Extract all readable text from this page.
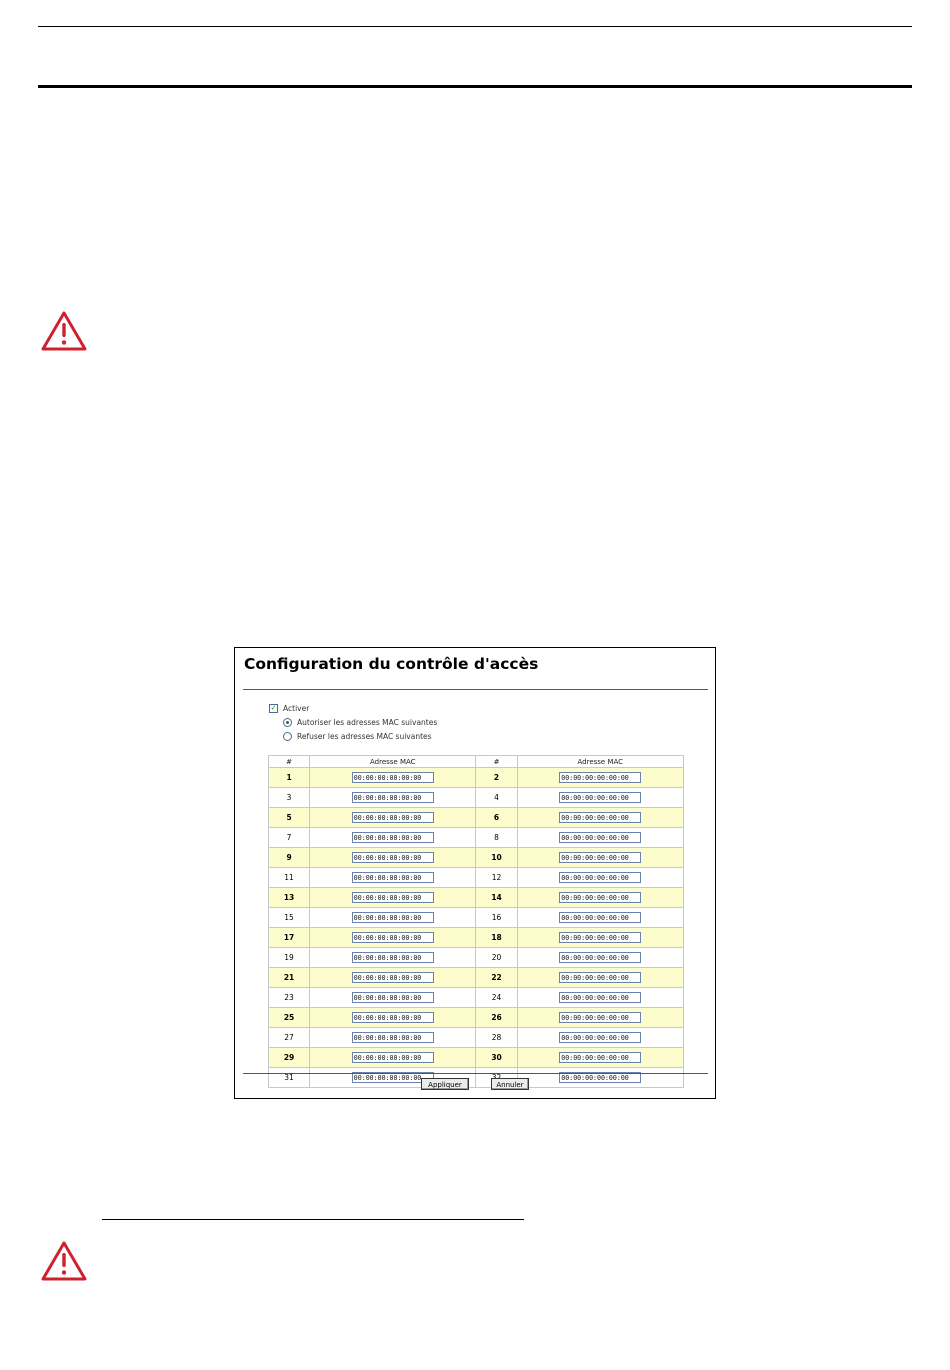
Configuration du contrôle d'accès
✓ Activer
Autoriser les adresses MAC suivantes
Refuser les adresses MAC suivantes
#	Adresse MAC	#	Adresse MAC
1	00:00:00:00:00:00	2	00:00:00:00:00:00
3	00:00:00:00:00:00	4	00:00:00:00:00:00
5	00:00:00:00:00:00	6	00:00:00:00:00:00
7	00:00:00:00:00:00	8	00:00:00:00:00:00
9	00:00:00:00:00:00	10	00:00:00:00:00:00
11	00:00:00:00:00:00	12	00:00:00:00:00:00
13	00:00:00:00:00:00	14	00:00:00:00:00:00
15	00:00:00:00:00:00	16	00:00:00:00:00:00
17	00:00:00:00:00:00	18	00:00:00:00:00:00
19	00:00:00:00:00:00	20	00:00:00:00:00:00
21	00:00:00:00:00:00	22	00:00:00:00:00:00
23	00:00:00:00:00:00	24	00:00:00:00:00:00
25	00:00:00:00:00:00	26	00:00:00:00:00:00
27	00:00:00:00:00:00	28	00:00:00:00:00:00
29	00:00:00:00:00:00	30	00:00:00:00:00:00
31	00:00:00:00:00:00		00:00:00:00:00:00
Appliquer	Annuler
